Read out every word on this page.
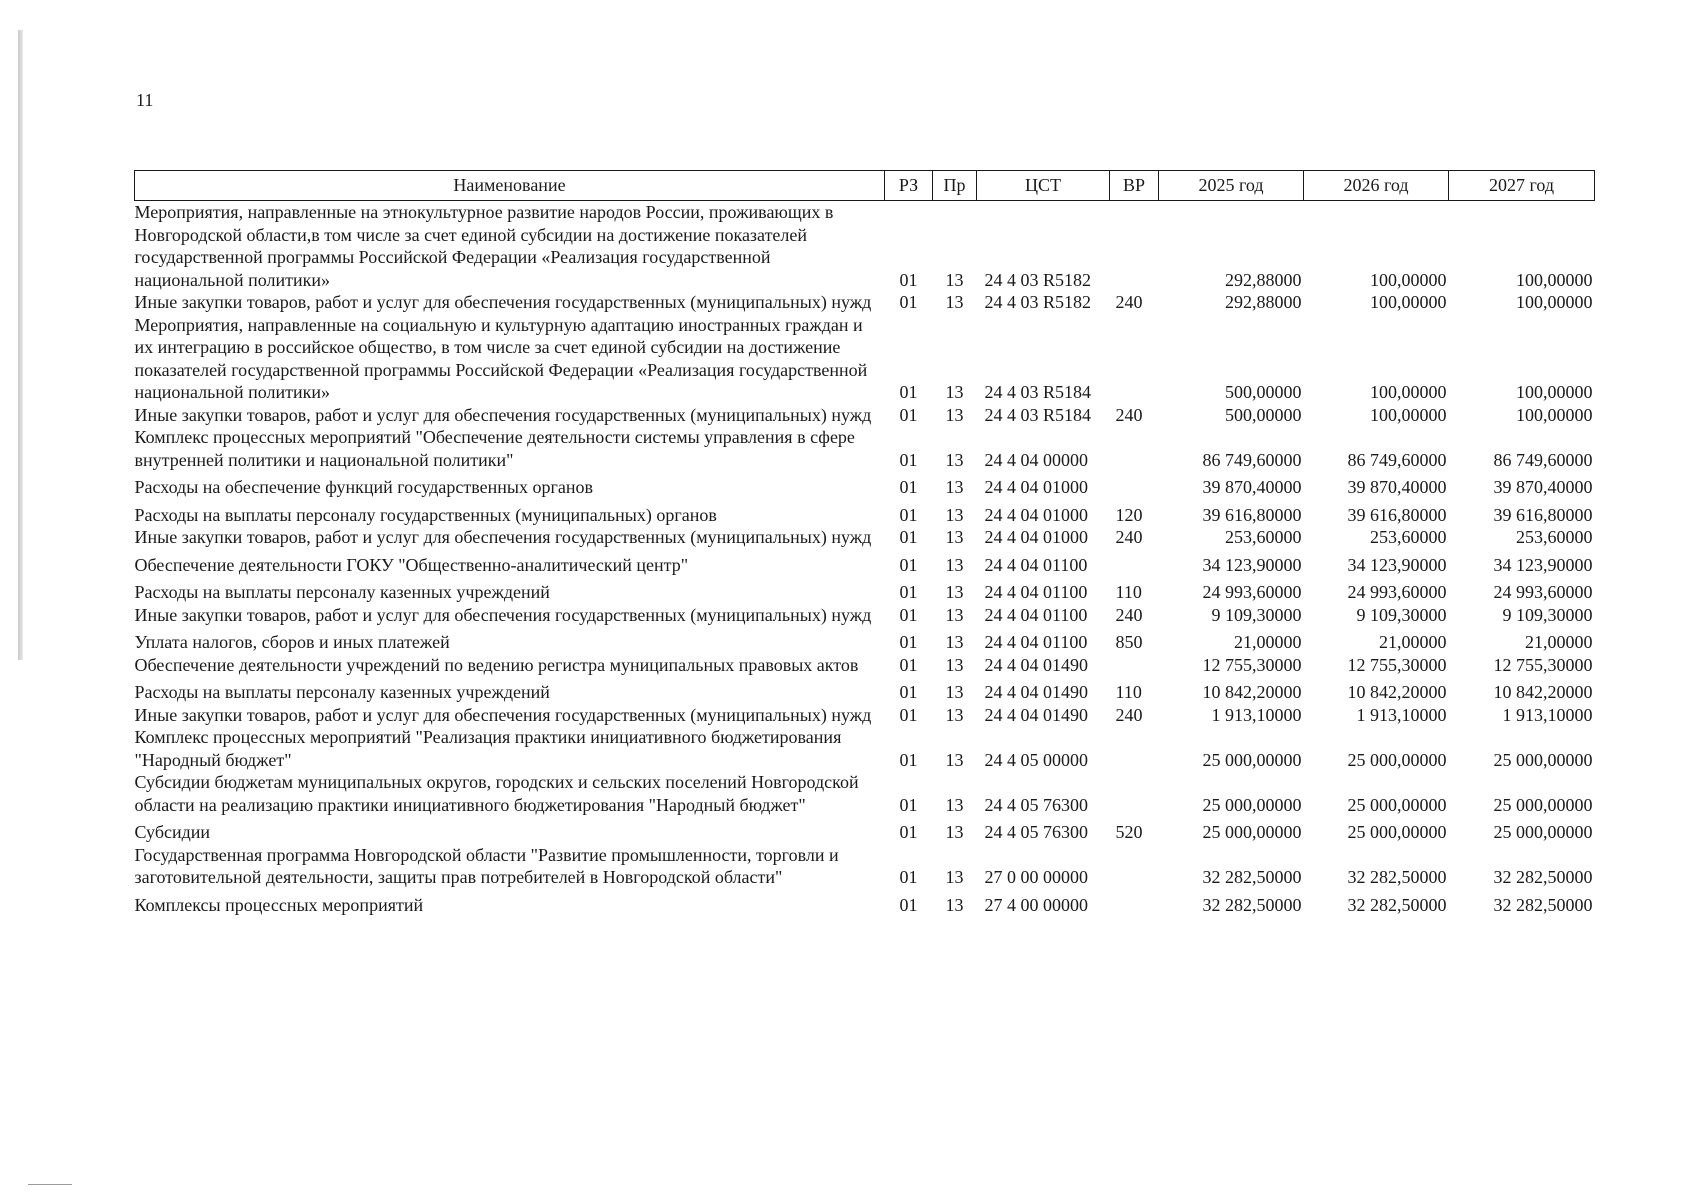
11
Наименование	РЗ	Пр	ЦСТ	ВР	2025 год	2026 год	2027 год
Мероприятия, направленные на этнокультурное развитие народов России, проживающих в Новгородской области,в том числе за счет единой субсидии на достижение показателей государственной программы Российской Федерации «Реализация государственной национальной политики»	01	13	24 4 03 R5182		292,88000	100,00000	100,00000
Иные закупки товаров, работ и услуг для обеспечения государственных (муниципальных) нужд	01	13	24 4 03 R5182	240	292,88000	100,00000	100,00000
Мероприятия, направленные на социальную и культурную адаптацию иностранных граждан и их интеграцию в российское общество, в том числе за счет единой субсидии на достижение показателей государственной программы Российской Федерации «Реализация государственной национальной политики»	01	13	24 4 03 R5184		500,00000	100,00000	100,00000
Иные закупки товаров, работ и услуг для обеспечения государственных (муниципальных) нужд	01	13	24 4 03 R5184	240	500,00000	100,00000	100,00000
Комплекс процессных мероприятий "Обеспечение деятельности системы управления в сфере внутренней политики и национальной политики"	01	13	24 4 04 00000		86 749,60000	86 749,60000	86 749,60000
Расходы на обеспечение функций государственных органов	01	13	24 4 04 01000		39 870,40000	39 870,40000	39 870,40000
Расходы на выплаты персоналу государственных (муниципальных) органов	01	13	24 4 04 01000	120	39 616,80000	39 616,80000	39 616,80000
Иные закупки товаров, работ и услуг для обеспечения государственных (муниципальных) нужд	01	13	24 4 04 01000	240	253,60000	253,60000	253,60000
Обеспечение деятельности ГОКУ "Общественно-аналитический центр"	01	13	24 4 04 01100		34 123,90000	34 123,90000	34 123,90000
Расходы на выплаты персоналу казенных учреждений	01	13	24 4 04 01100	110	24 993,60000	24 993,60000	24 993,60000
Иные закупки товаров, работ и услуг для обеспечения государственных (муниципальных) нужд	01	13	24 4 04 01100	240	9 109,30000	9 109,30000	9 109,30000
Уплата налогов, сборов и иных платежей	01	13	24 4 04 01100	850	21,00000	21,00000	21,00000
Обеспечение деятельности учреждений по ведению регистра муниципальных правовых актов	01	13	24 4 04 01490		12 755,30000	12 755,30000	12 755,30000
Расходы на выплаты персоналу казенных учреждений	01	13	24 4 04 01490	110	10 842,20000	10 842,20000	10 842,20000
Иные закупки товаров, работ и услуг для обеспечения государственных (муниципальных) нужд	01	13	24 4 04 01490	240	1 913,10000	1 913,10000	1 913,10000
Комплекс процессных мероприятий "Реализация практики инициативного бюджетирования "Народный бюджет"	01	13	24 4 05 00000		25 000,00000	25 000,00000	25 000,00000
Субсидии бюджетам муниципальных округов, городских и сельских поселений Новгородской области на реализацию практики инициативного бюджетирования "Народный бюджет"	01	13	24 4 05 76300		25 000,00000	25 000,00000	25 000,00000
Субсидии	01	13	24 4 05 76300	520	25 000,00000	25 000,00000	25 000,00000
Государственная программа Новгородской области "Развитие промышленности, торговли и заготовительной деятельности, защиты прав потребителей в Новгородской области"	01	13	27 0 00 00000		32 282,50000	32 282,50000	32 282,50000
Комплексы процессных мероприятий	01	13	27 4 00 00000		32 282,50000	32 282,50000	32 282,50000
